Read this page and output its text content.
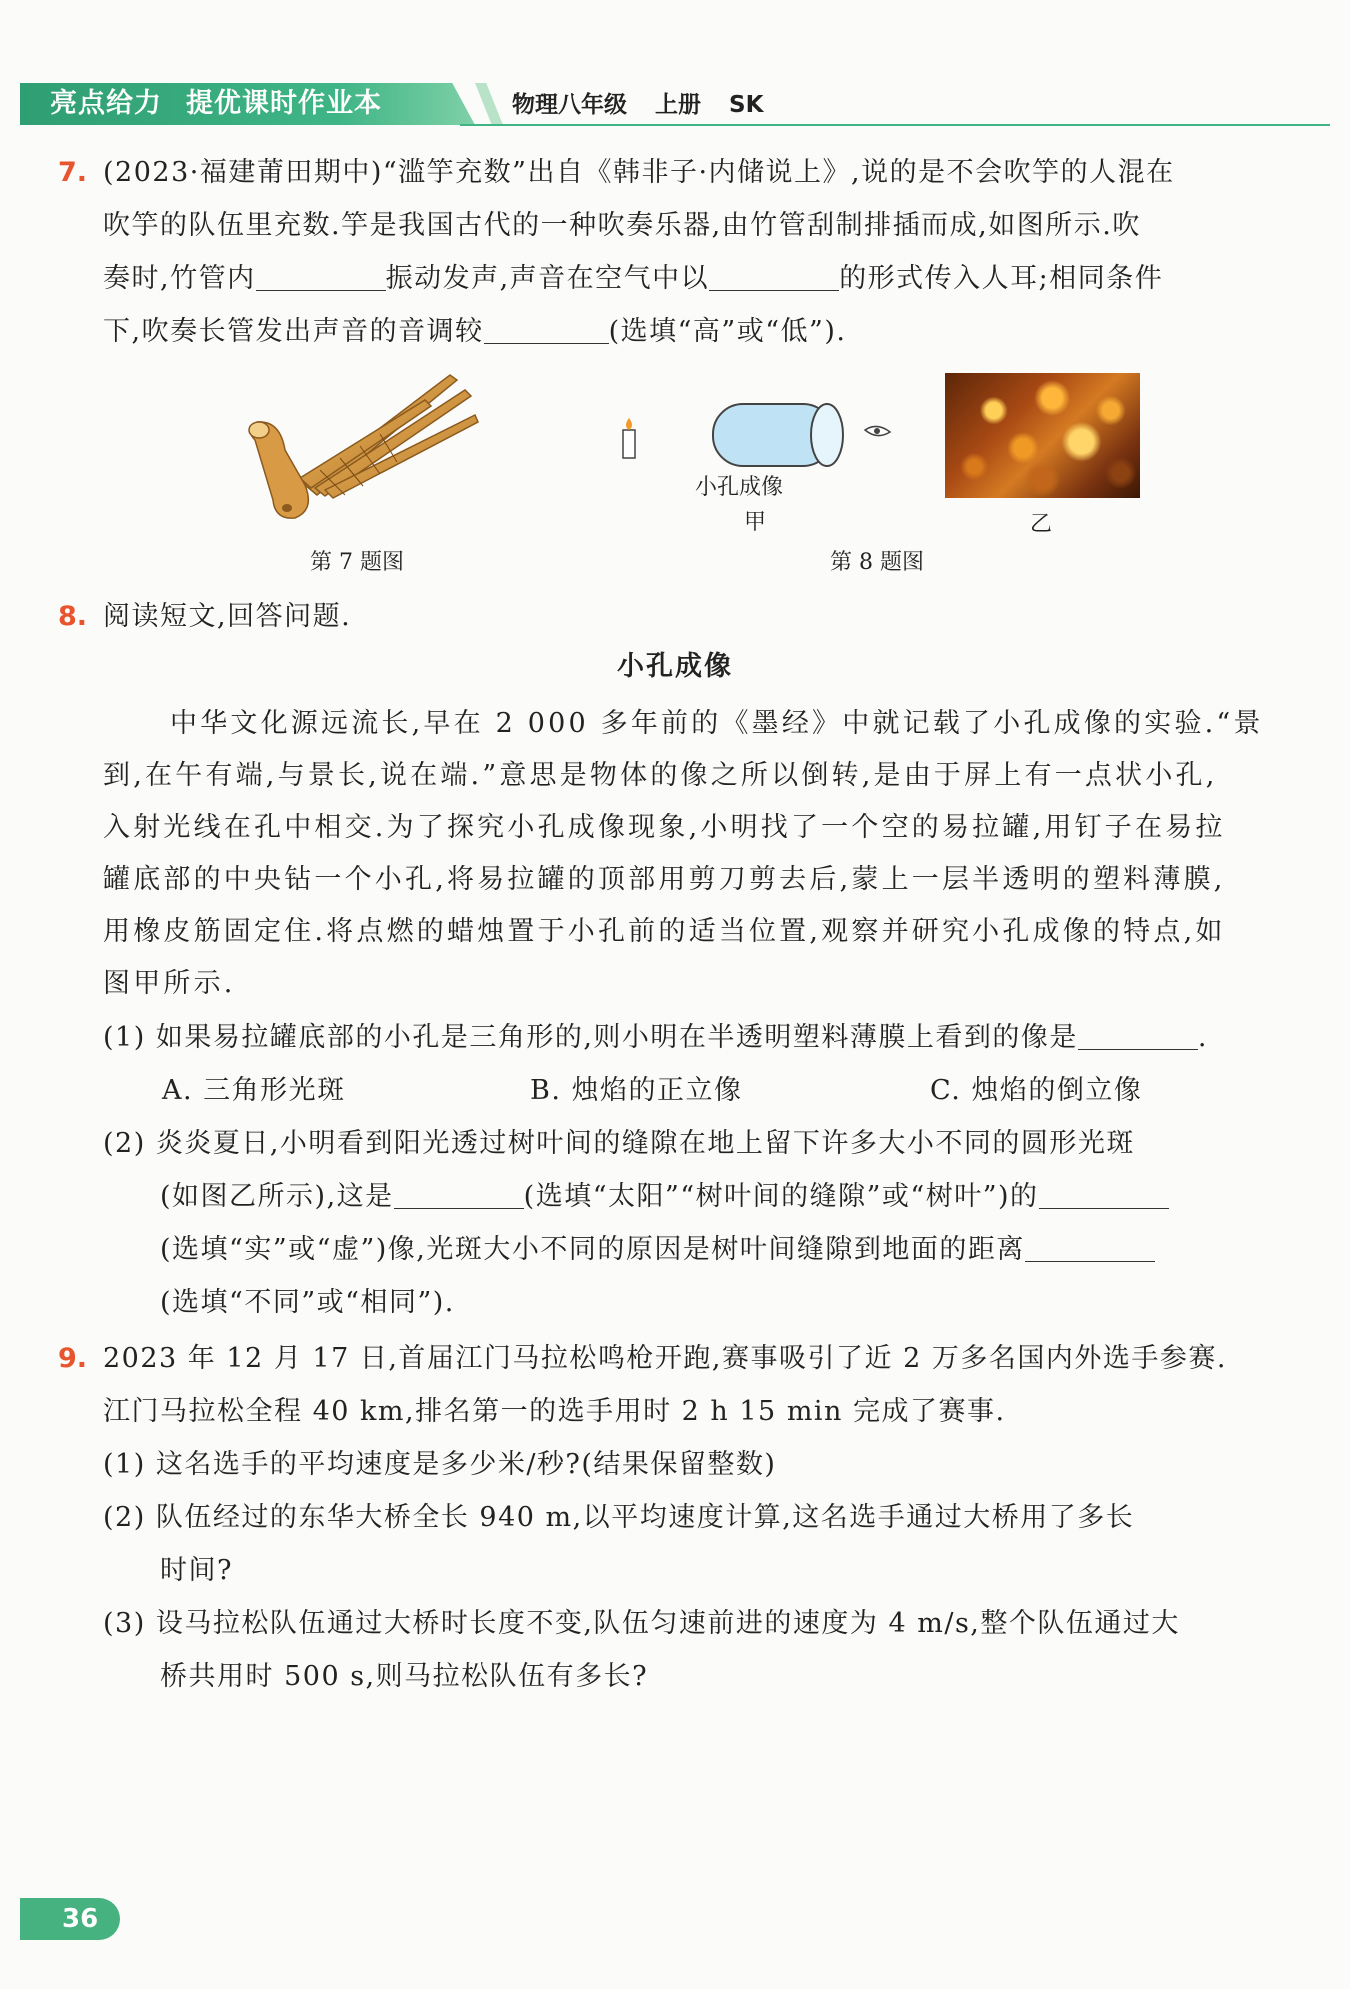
亮点给力 提优课时作业本	物理八年级 上册 SK
7. (2023·福建莆田期中)“滥竽充数”出自《韩非子·内储说上》,说的是不会吹竽的人混在
吹竽的队伍里充数.竽是我国古代的一种吹奏乐器,由竹管刮制排插而成,如图所示.吹
奏时,竹管内	振动发声,声音在空气中以	的形式传入人耳;相同条件
下,吹奏长管发出声音的音调较	(选填“高”或“低”).
第 7 题图
小孔成像
甲	乙
第 8 题图
8. 阅读短文,回答问题.
小孔成像
中华文化源远流长,早在 2 000 多年前的《墨经》中就记载了小孔成像的实验.“景
到,在午有端,与景长,说在端.”意思是物体的像之所以倒转,是由于屏上有一点状小孔,
入射光线在孔中相交.为了探究小孔成像现象,小明找了一个空的易拉罐,用钉子在易拉
罐底部的中央钻一个小孔,将易拉罐的顶部用剪刀剪去后,蒙上一层半透明的塑料薄膜,
用橡皮筋固定住.将点燃的蜡烛置于小孔前的适当位置,观察并研究小孔成像的特点,如
图甲所示.
(1) 如果易拉罐底部的小孔是三角形的,则小明在半透明塑料薄膜上看到的像是	.
A. 三角形光斑	B. 烛焰的正立像	C. 烛焰的倒立像
(2) 炎炎夏日,小明看到阳光透过树叶间的缝隙在地上留下许多大小不同的圆形光斑
(如图乙所示),这是	(选填“太阳”“树叶间的缝隙”或“树叶”)的
(选填“实”或“虚”)像,光斑大小不同的原因是树叶间缝隙到地面的距离
(选填“不同”或“相同”).
9. 2023 年 12 月 17 日,首届江门马拉松鸣枪开跑,赛事吸引了近 2 万多名国内外选手参赛.
江门马拉松全程 40 km,排名第一的选手用时 2 h 15 min 完成了赛事.
(1) 这名选手的平均速度是多少米/秒?(结果保留整数)
(2) 队伍经过的东华大桥全长 940 m,以平均速度计算,这名选手通过大桥用了多长
时间?
(3) 设马拉松队伍通过大桥时长度不变,队伍匀速前进的速度为 4 m/s,整个队伍通过大
桥共用时 500 s,则马拉松队伍有多长?
36
